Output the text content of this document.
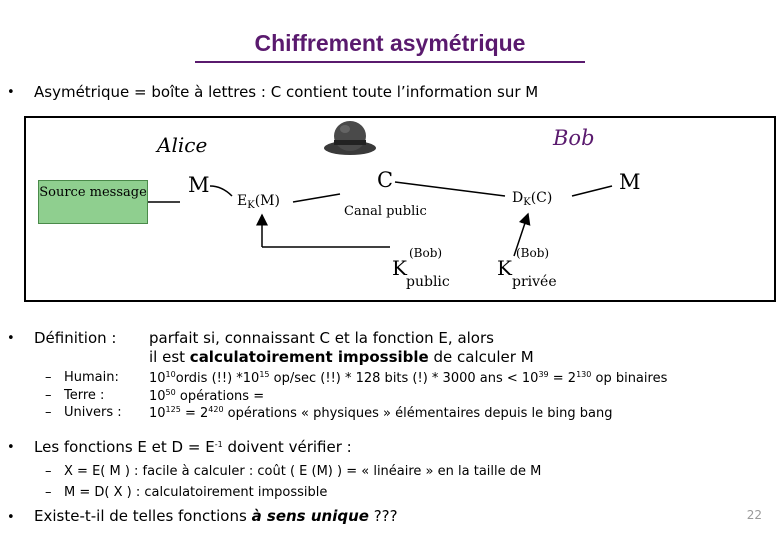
Chiffrement asymétrique
• Asymétrique = boîte à lettres : C contient toute l’information sur M
Alice	Bob
Source message M
$E_K(M)$
C
Canal public
$D_K(C)$
M
K
public
(Bob)
K
privée
(Bob)
• Définition : parfait si, connaissant C et la fonction E, alors
il est calculatoirement impossible de calculer M
– Humain:
– Terre :
– Univers :
$10^{10}ordis$ (!!) $*10^{15}$ op/sec (!!) * 128 bits (!) * 3000 ans < $10^{39} = 2^{130}$ op binaires
$10^{50}$ opérations =
$10^{125} = 2^{420}$ opérations « physiques » élémentaires depuis le bing bang
• Les fonctions E et $D = E^{-1}$ doivent vérifier :
– X = E( M ) : facile à calculer : coût ( E (M) ) = « linéaire » en la taille de M
– M = D( X ) : calculatoirement impossible
• Existe-t-il de telles fonctions à sens unique ???	22
